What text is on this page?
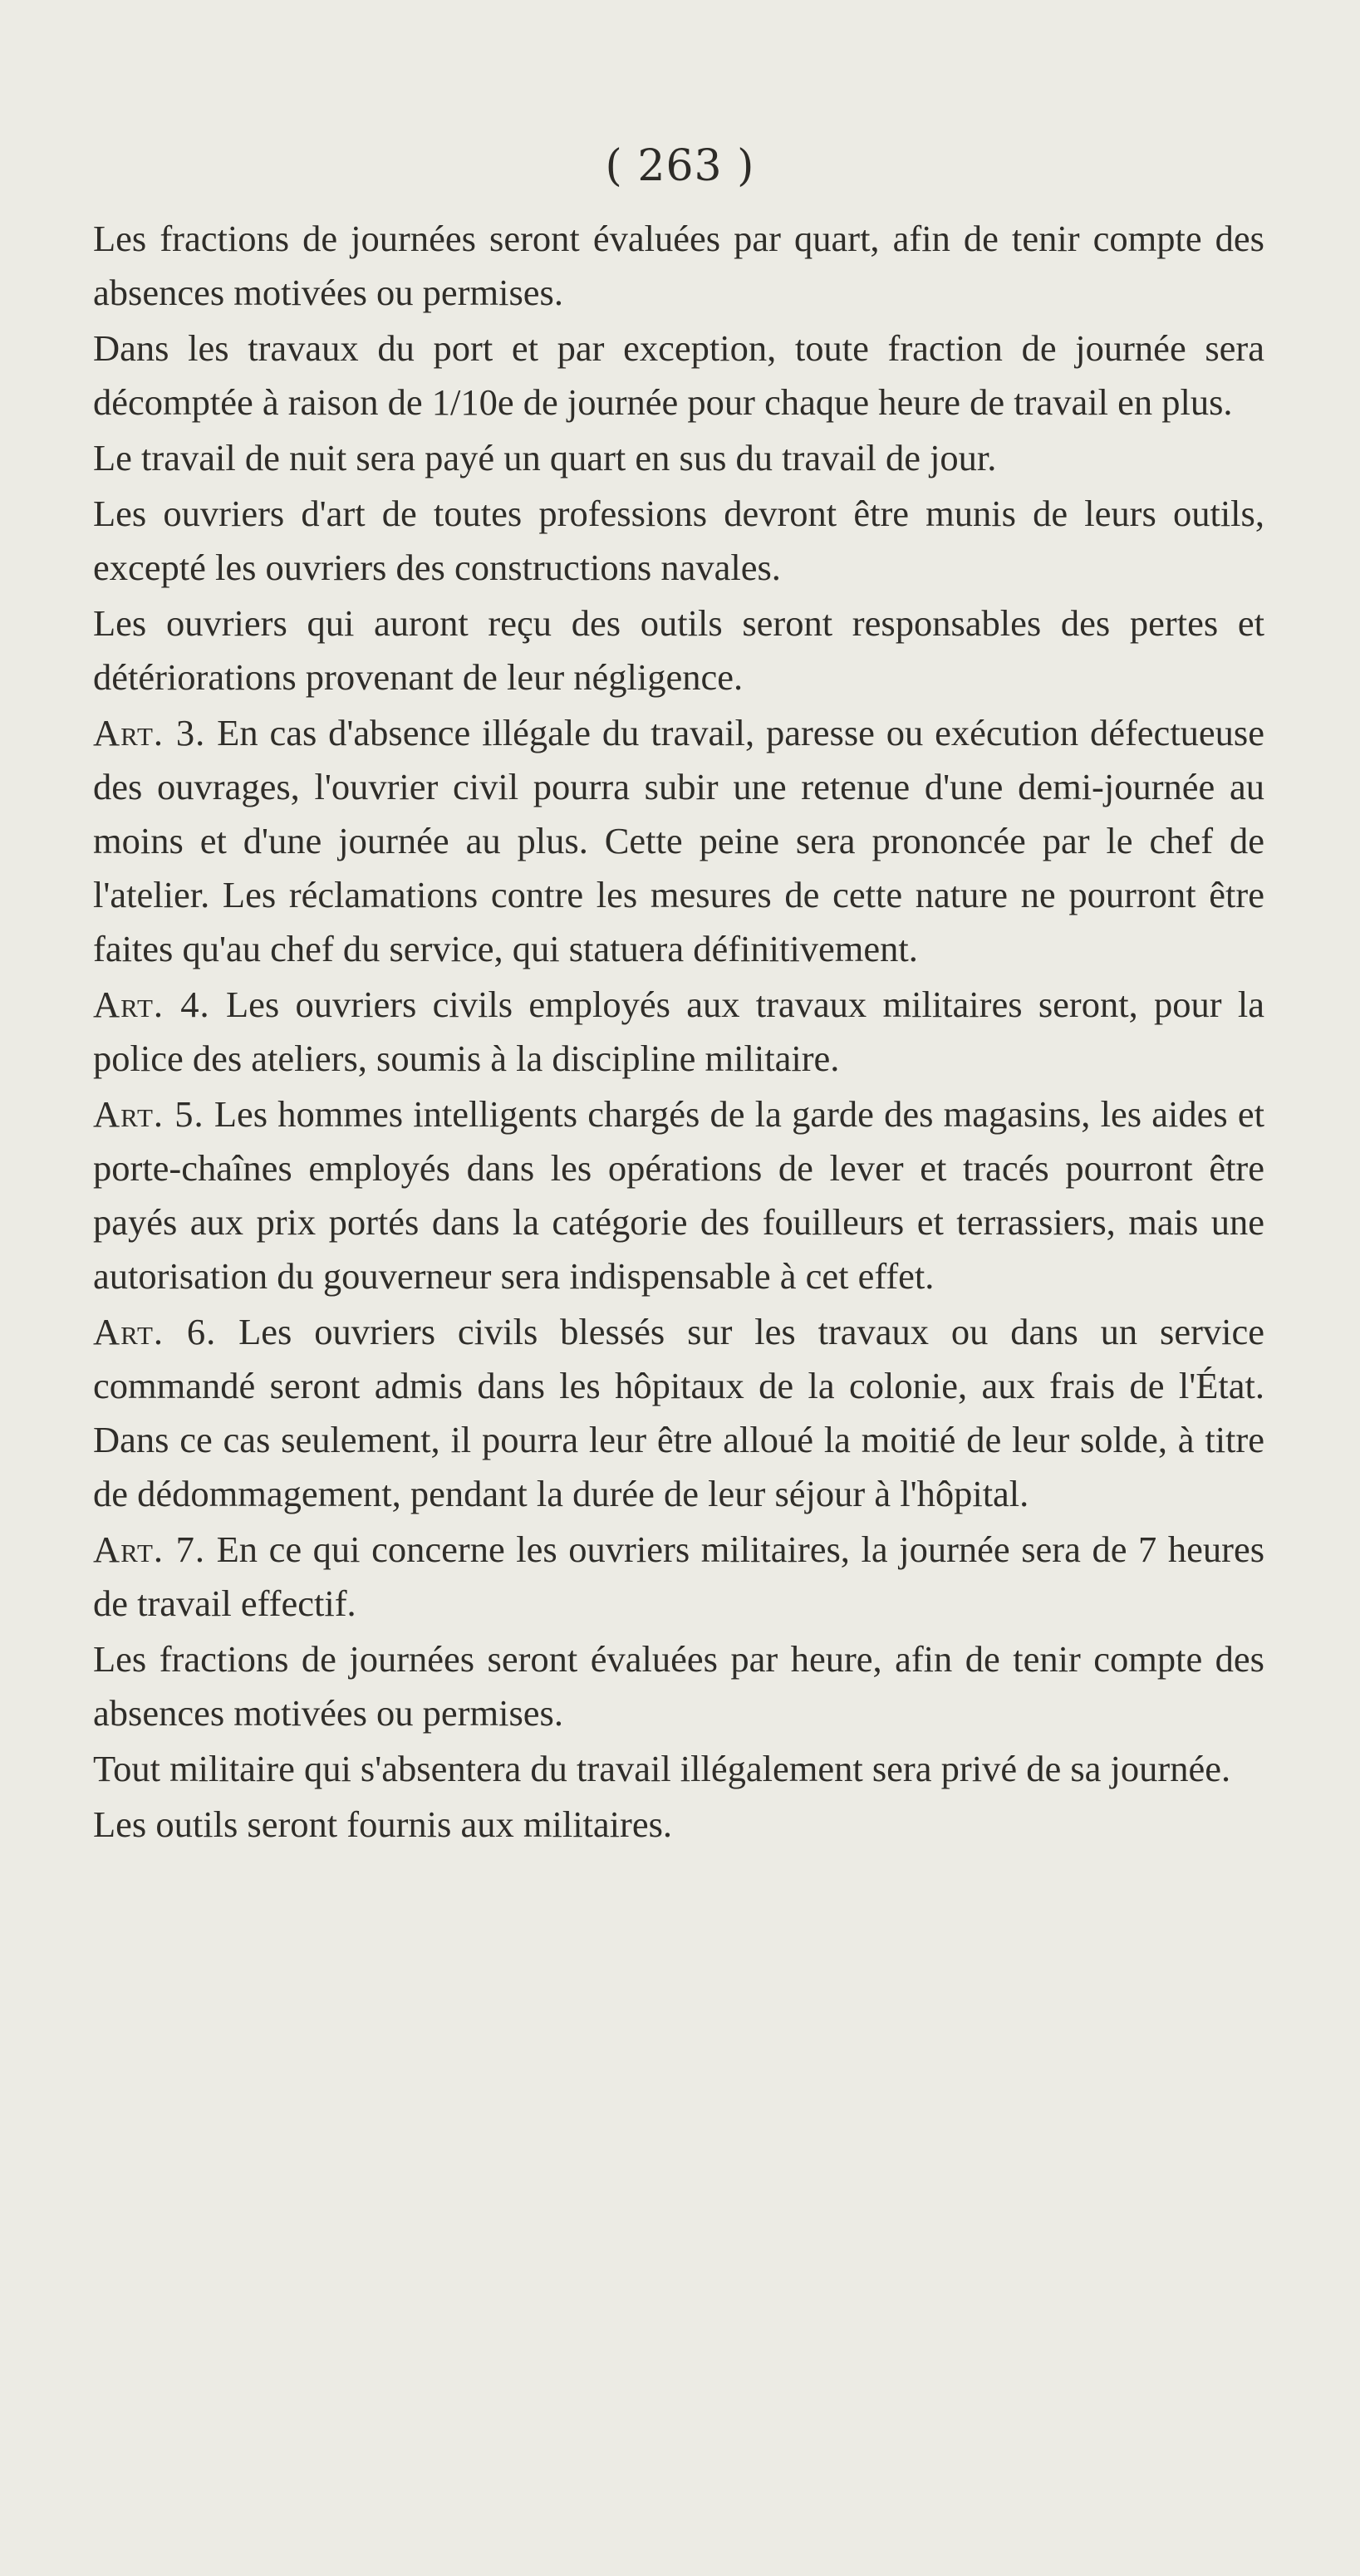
( 263 )

Les fractions de journées seront évaluées par quart, afin de tenir compte des absences motivées ou permises.

Dans les travaux du port et par exception, toute fraction de journée sera décomptée à raison de 1/10e de journée pour chaque heure de travail en plus.

Le travail de nuit sera payé un quart en sus du travail de jour.

Les ouvriers d'art de toutes professions devront être munis de leurs outils, excepté les ouvriers des constructions navales.

Les ouvriers qui auront reçu des outils seront responsables des pertes et détériorations provenant de leur négligence.

Art. 3. En cas d'absence illégale du travail, paresse ou exécution défectueuse des ouvrages, l'ouvrier civil pourra subir une retenue d'une demi-journée au moins et d'une journée au plus. Cette peine sera prononcée par le chef de l'atelier. Les réclamations contre les mesures de cette nature ne pourront être faites qu'au chef du service, qui statuera définitivement.

Art. 4. Les ouvriers civils employés aux travaux militaires seront, pour la police des ateliers, soumis à la discipline militaire.

Art. 5. Les hommes intelligents chargés de la garde des magasins, les aides et porte-chaînes employés dans les opérations de lever et tracés pourront être payés aux prix portés dans la catégorie des fouilleurs et terrassiers, mais une autorisation du gouverneur sera indispensable à cet effet.

Art. 6. Les ouvriers civils blessés sur les travaux ou dans un service commandé seront admis dans les hôpitaux de la colonie, aux frais de l'État. Dans ce cas seulement, il pourra leur être alloué la moitié de leur solde, à titre de dédommagement, pendant la durée de leur séjour à l'hôpital.

Art. 7. En ce qui concerne les ouvriers militaires, la journée sera de 7 heures de travail effectif.

Les fractions de journées seront évaluées par heure, afin de tenir compte des absences motivées ou permises.

Tout militaire qui s'absentera du travail illégalement sera privé de sa journée.

Les outils seront fournis aux militaires.
